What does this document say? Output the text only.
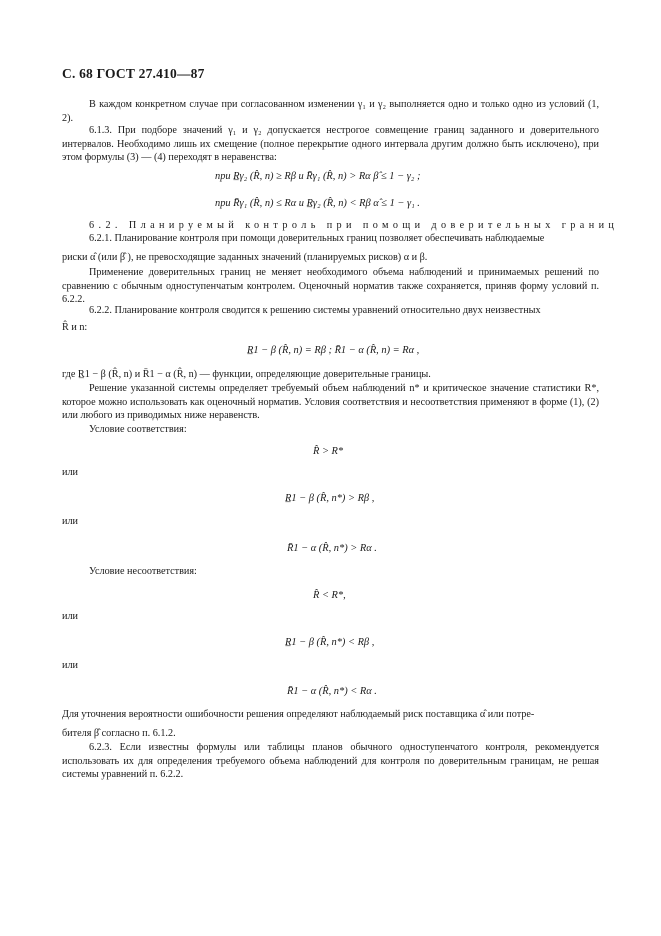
С. 68 ГОСТ 27.410—87

В каждом конкретном случае при согласованном изменении γ₁ и γ₂ выполняется одно и только одно из условий (1, 2).

6.1.3. При подборе значений γ₁ и γ₂ допускается нестрогое совмещение границ заданного и доверительного интервалов. Необходимо лишь их смещение (полное перекрытие одного интервала другим должно быть исключено), при этом формулы (3) — (4) переходят в неравенства:

при R̲γ₂ (R̂, n) ≥ Rβ и R̄γ₁ (R̂, n) > Rα β̂ ≤ 1 − γ₂ ;

при R̄γ₁ (R̂, n) ≤ Rα и R̲γ₂ (R̂, n) < Rβ α̂ ≤ 1 − γ₁ .

6.2. Планируемый контроль при помощи доверительных границ

6.2.1. Планирование контроля при помощи доверительных границ позволяет обеспечивать наблюдаемые

риски α̂ (или β̂ ), не превосходящие заданных значений (планируемых рисков) α и β.

Применение доверительных границ не меняет необходимого объема наблюдений и принимаемых решений по сравнению с обычным одноступенчатым контролем. Оценочный норматив также сохраняется, приняв форму условий п. 6.2.2.

6.2.2. Планирование контроля сводится к решению системы уравнений относительно двух неизвестных

R̂ и n:

R̲1 − β (R̂, n) = Rβ ; R̄1 − α (R̂, n) = Rα ,

где R̲1 − β (R̂, n) и R̄1 − α (R̂, n) — функции, определяющие доверительные границы.

Решение указанной системы определяет требуемый объем наблюдений n* и критическое значение статистики R*, которое можно использовать как оценочный норматив. Условия соответствия и несоответствия применяют в форме (1), (2) или любого из приводимых ниже неравенств.

Условие соответствия:

R̂ > R*

или

R̲1 − β (R̂, n*) > Rβ ,

или

R̄1 − α (R̂, n*) > Rα .

Условие несоответствия:

R̂ < R*,

или

R̲1 − β (R̂, n*) < Rβ ,

или

R̄1 − α (R̂, n*) < Rα .

Для уточнения вероятности ошибочности решения определяют наблюдаемый риск поставщика α̂ или потре-

бителя β̂ согласно п. 6.1.2.

6.2.3. Если известны формулы или таблицы планов обычного одноступенчатого контроля, рекомендуется использовать их для определения требуемого объема наблюдений для контроля по доверительным границам, не решая системы уравнений п. 6.2.2.
